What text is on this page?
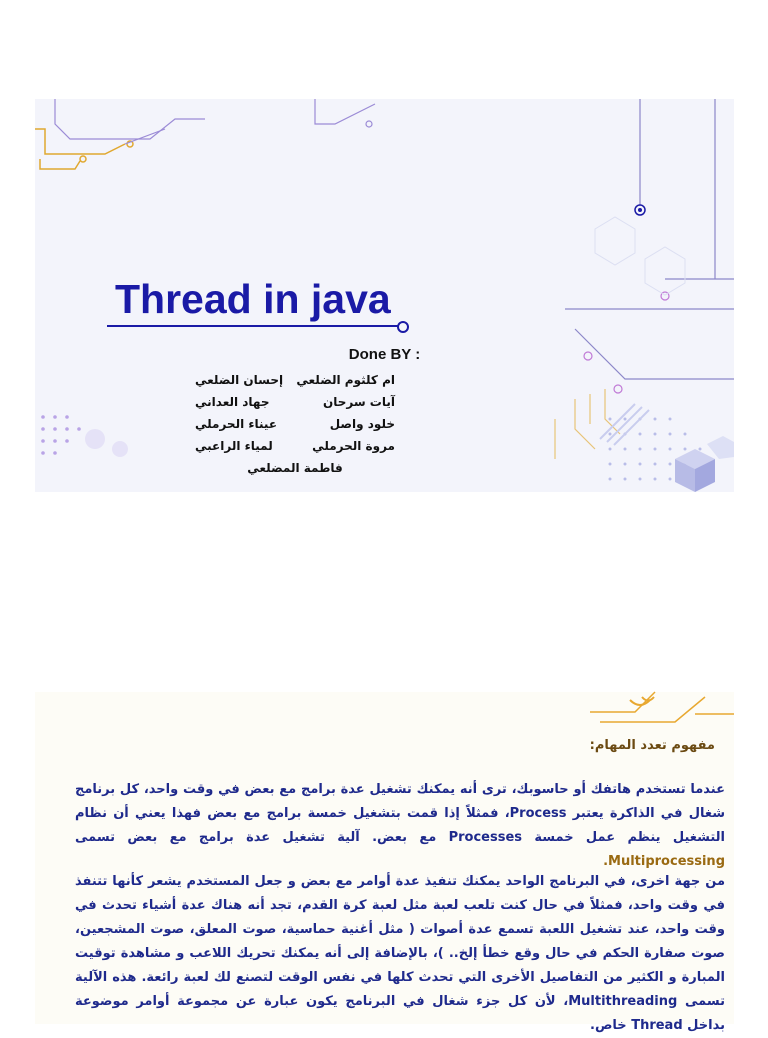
Thread in java
Done BY :
ام كلثوم الضلعي
إحسان الضلعي
آيات سرحان
جهاد العداني
خلود واصل
عيناء الحرملي
مروة الحرملي
لمياء الراعبي
فاطمة المضلعي
مفهوم تعدد المهام:

عندما تستخدم هاتفك أو حاسوبك، ترى أنه يمكنك تشغيل عدة برامج مع بعض في وقت واحد، كل برنامج شغال في الذاكرة يعتبر Process، فمثلاً إذا قمت بتشغيل خمسة برامج مع بعض فهذا يعني أن نظام التشغيل ينظم عمل خمسة Processes مع بعض. آلية تشغيل عدة برامج مع بعض تسمى Multiprocessing.

من جهة اخرى، في البرنامج الواحد يمكنك تنفيذ عدة أوامر مع بعض و جعل المستخدم يشعر كأنها تتنفذ في وقت واحد، فمثلاً في حال كنت تلعب لعبة مثل لعبة كرة القدم، تجد أنه هناك عدة أشياء تحدث في وقت واحد، عند تشغيل اللعبة تسمع عدة أصوات ( مثل أغنية حماسية، صوت المعلق، صوت المشجعين، صوت صفارة الحكم في حال وقع خطأ إلخ.. )، بالإضافة إلى أنه يمكنك تحريك اللاعب و مشاهدة توقيت المبارة و الكثير من التفاصيل الأخرى التي تحدث كلها في نفس الوقت لتصنع لك لعبة رائعة. هذه الآلية تسمى Multithreading، لأن كل جزء شغال في البرنامج يكون عبارة عن مجموعة أوامر موضوعة بداخل Thread خاص.
